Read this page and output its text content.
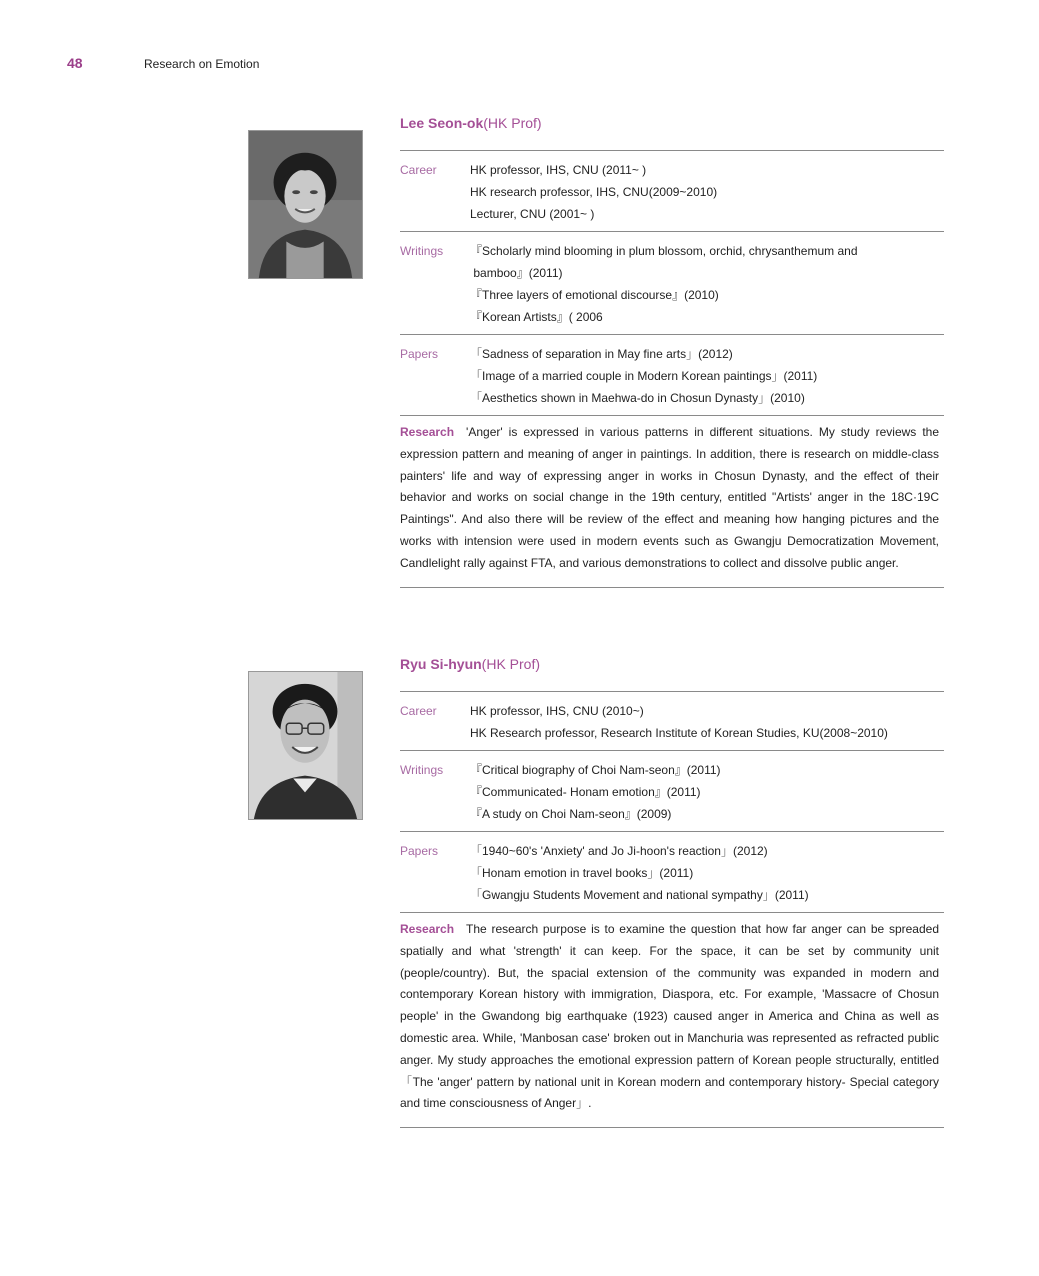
48	Research on Emotion
Lee Seon-ok(HK Prof)
Career	HK professor, IHS, CNU (2011~ )
HK research professor, IHS, CNU(2009~2010)
Lecturer, CNU (2001~ )
Writings	『Scholarly mind blooming in plum blossom, orchid, chrysanthemum and
bamboo』(2011)
『Three layers of emotional discourse』(2010)
『Korean Artists』( 2006
Papers	「Sadness of separation in May fine arts」(2012)
「Image of a married couple in Modern Korean paintings」(2011)
「Aesthetics shown in Maehwa-do in Chosun Dynasty」(2010)
Research 'Anger' is expressed in various patterns in different situations. My study reviews the expression pattern and meaning of anger in paintings. In addition, there is research on middle-class painters' life and way of expressing anger in works in Chosun Dynasty, and the effect of their behavior and works on social change in the 19th century, entitled "Artists' anger in the 18C·19C Paintings". And also there will be review of the effect and meaning how hanging pictures and the works with intension were used in modern events such as Gwangju Democratization Movement, Candlelight rally against FTA, and various demonstrations to collect and dissolve public anger.
Ryu Si-hyun(HK Prof)
Career	HK professor, IHS, CNU (2010~)
HK Research professor, Research Institute of Korean Studies, KU(2008~2010)
Writings	『Critical biography of Choi Nam-seon』(2011)
『Communicated- Honam emotion』(2011)
『A study on Choi Nam-seon』(2009)
Papers	「1940~60's 'Anxiety' and Jo Ji-hoon's reaction」(2012)
「Honam emotion in travel books」(2011)
「Gwangju Students Movement and national sympathy」(2011)
Research The research purpose is to examine the question that how far anger can be spreaded spatially and what 'strength' it can keep. For the space, it can be set by community unit (people/country). But, the spacial extension of the community was expanded in modern and contemporary Korean history with immigration, Diaspora, etc. For example, 'Massacre of Chosun people' in the Gwandong big earthquake (1923) caused anger in America and China as well as domestic area. While, 'Manbosan case' broken out in Manchuria was represented as refracted public anger. My study approaches the emotional expression pattern of Korean people structurally, entitled「The 'anger' pattern by national unit in Korean modern and contemporary history- Special category and time consciousness of Anger」.
